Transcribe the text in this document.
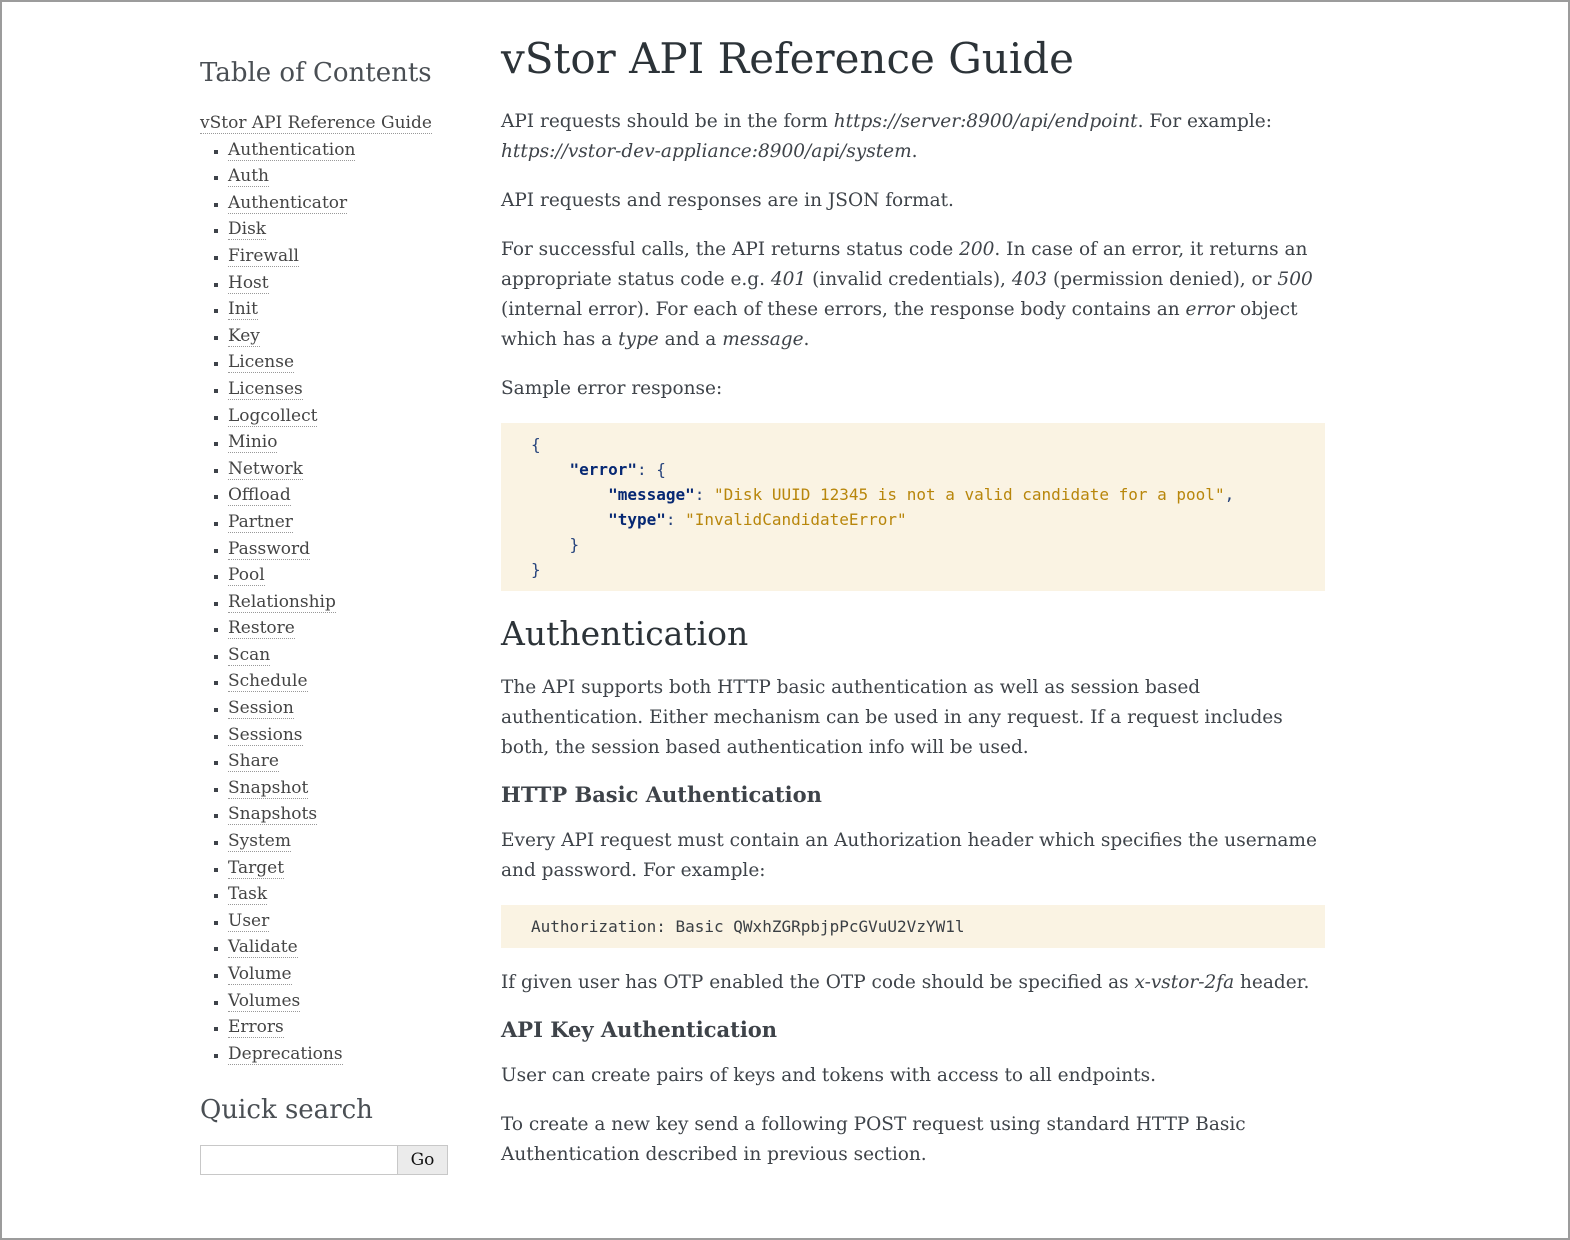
Table of Contents
vStor API Reference Guide
▪ Authentication
▪ Auth
▪ Authenticator
▪ Disk
▪ Firewall
▪ Host
▪ Init
▪ Key
▪ License
▪ Licenses
▪ Logcollect
▪ Minio
▪ Network
▪ Offload
▪ Partner
▪ Password
▪ Pool
▪ Relationship
▪ Restore
▪ Scan
▪ Schedule
▪ Session
▪ Sessions
▪ Share
▪ Snapshot
▪ Snapshots
▪ System
▪ Target
▪ Task
▪ User
▪ Validate
▪ Volume
▪ Volumes
▪ Errors
▪ Deprecations
Quick search
Go
vStor API Reference Guide

API requests should be in the form https://server:8900/api/endpoint. For example: https://vstor-dev-appliance:8900/api/system.

API requests and responses are in JSON format.

For successful calls, the API returns status code 200. In case of an error, it returns an appropriate status code e.g. 401 (invalid credentials), 403 (permission denied), or 500 (internal error). For each of these errors, the response body contains an error object which has a type and a message.

Sample error response:

{
"error": {
"message": "Disk UUID 12345 is not a valid candidate for a pool",
"type": "InvalidCandidateError"
}
}

Authentication

The API supports both HTTP basic authentication as well as session based authentication. Either mechanism can be used in any request. If a request includes both, the session based authentication info will be used.

HTTP Basic Authentication

Every API request must contain an Authorization header which specifies the username and password. For example:

Authorization: Basic QWxhZGRpbjpPcGVuU2VzYW1l

If given user has OTP enabled the OTP code should be specified as x-vstor-2fa header.

API Key Authentication

User can create pairs of keys and tokens with access to all endpoints.

To create a new key send a following POST request using standard HTTP Basic Authentication described in previous section.
